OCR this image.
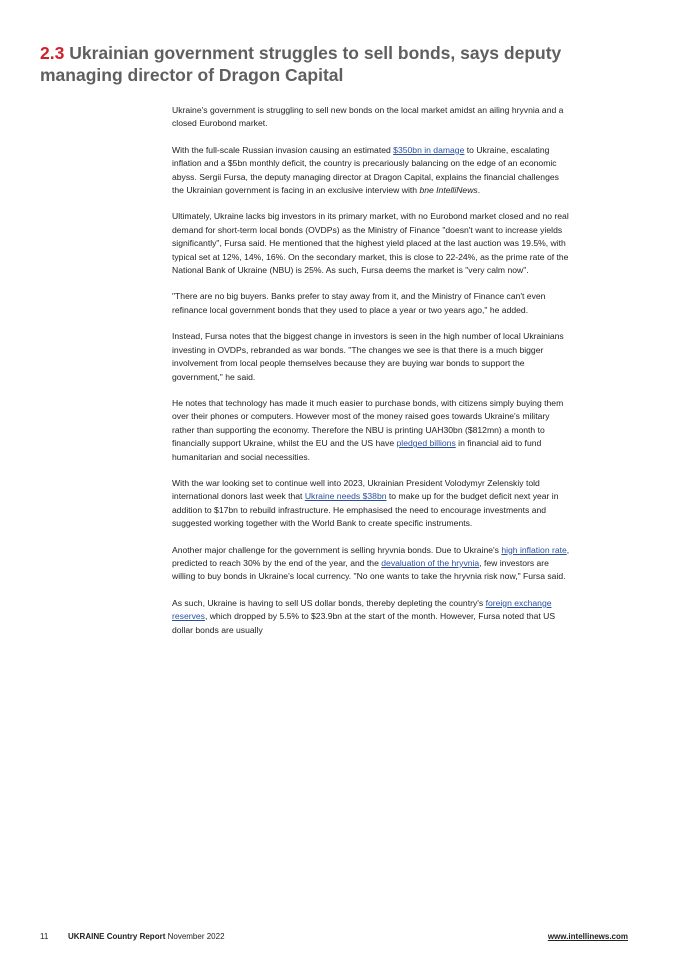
2.3 Ukrainian government struggles to sell bonds, says deputy managing director of Dragon Capital

Ukraine's government is struggling to sell new bonds on the local market amidst an ailing hryvnia and a closed Eurobond market.

With the full-scale Russian invasion causing an estimated $350bn in damage to Ukraine, escalating inflation and a $5bn monthly deficit, the country is precariously balancing on the edge of an economic abyss. Sergii Fursa, the deputy managing director at Dragon Capital, explains the financial challenges the Ukrainian government is facing in an exclusive interview with bne IntelliNews.

Ultimately, Ukraine lacks big investors in its primary market, with no Eurobond market closed and no real demand for short-term local bonds (OVDPs) as the Ministry of Finance "doesn't want to increase yields significantly", Fursa said. He mentioned that the highest yield placed at the last auction was 19.5%, with typical set at 12%, 14%, 16%. On the secondary market, this is close to 22-24%, as the prime rate of the National Bank of Ukraine (NBU) is 25%. As such, Fursa deems the market is "very calm now".

"There are no big buyers. Banks prefer to stay away from it, and the Ministry of Finance can't even refinance local government bonds that they used to place a year or two years ago," he added.

Instead, Fursa notes that the biggest change in investors is seen in the high number of local Ukrainians investing in OVDPs, rebranded as war bonds. "The changes we see is that there is a much bigger involvement from local people themselves because they are buying war bonds to support the government," he said.

He notes that technology has made it much easier to purchase bonds, with citizens simply buying them over their phones or computers. However most of the money raised goes towards Ukraine's military rather than supporting the economy. Therefore the NBU is printing UAH30bn ($812mn) a month to financially support Ukraine, whilst the EU and the US have pledged billions in financial aid to fund humanitarian and social necessities.

With the war looking set to continue well into 2023, Ukrainian President Volodymyr Zelenskiy told international donors last week that Ukraine needs $38bn to make up for the budget deficit next year in addition to $17bn to rebuild infrastructure. He emphasised the need to encourage investments and suggested working together with the World Bank to create specific instruments.

Another major challenge for the government is selling hryvnia bonds. Due to Ukraine's high inflation rate, predicted to reach 30% by the end of the year, and the devaluation of the hryvnia, few investors are willing to buy bonds in Ukraine's local currency. "No one wants to take the hryvnia risk now," Fursa said.

As such, Ukraine is having to sell US dollar bonds, thereby depleting the country's foreign exchange reserves, which dropped by 5.5% to $23.9bn at the start of the month. However, Fursa noted that US dollar bonds are usually

11 UKRAINE Country Report November 2022	www.intellinews.com
